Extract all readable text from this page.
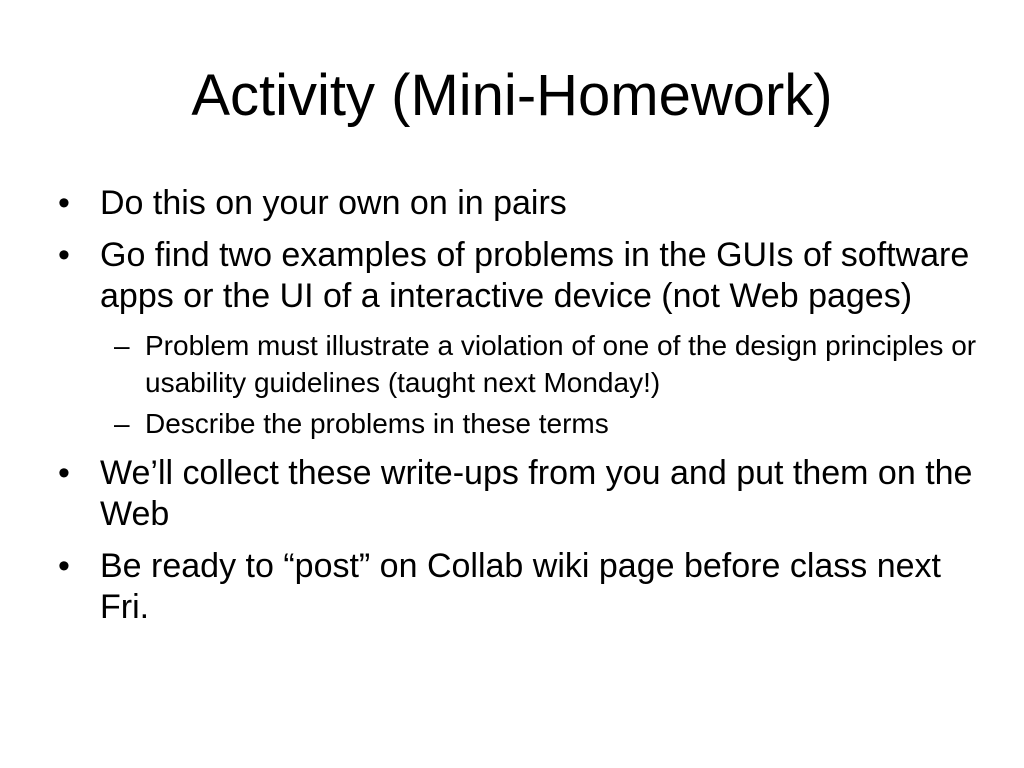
Activity (Mini-Homework)
• Do this on your own on in pairs
• Go find two examples of problems in the GUIs of software apps or the UI of a interactive device (not Web pages)
– Problem must illustrate a violation of one of the design principles or usability guidelines (taught next Monday!)
– Describe the problems in these terms
• We’ll collect these write-ups from you and put them on the Web
• Be ready to “post” on Collab wiki page before class next Fri.
